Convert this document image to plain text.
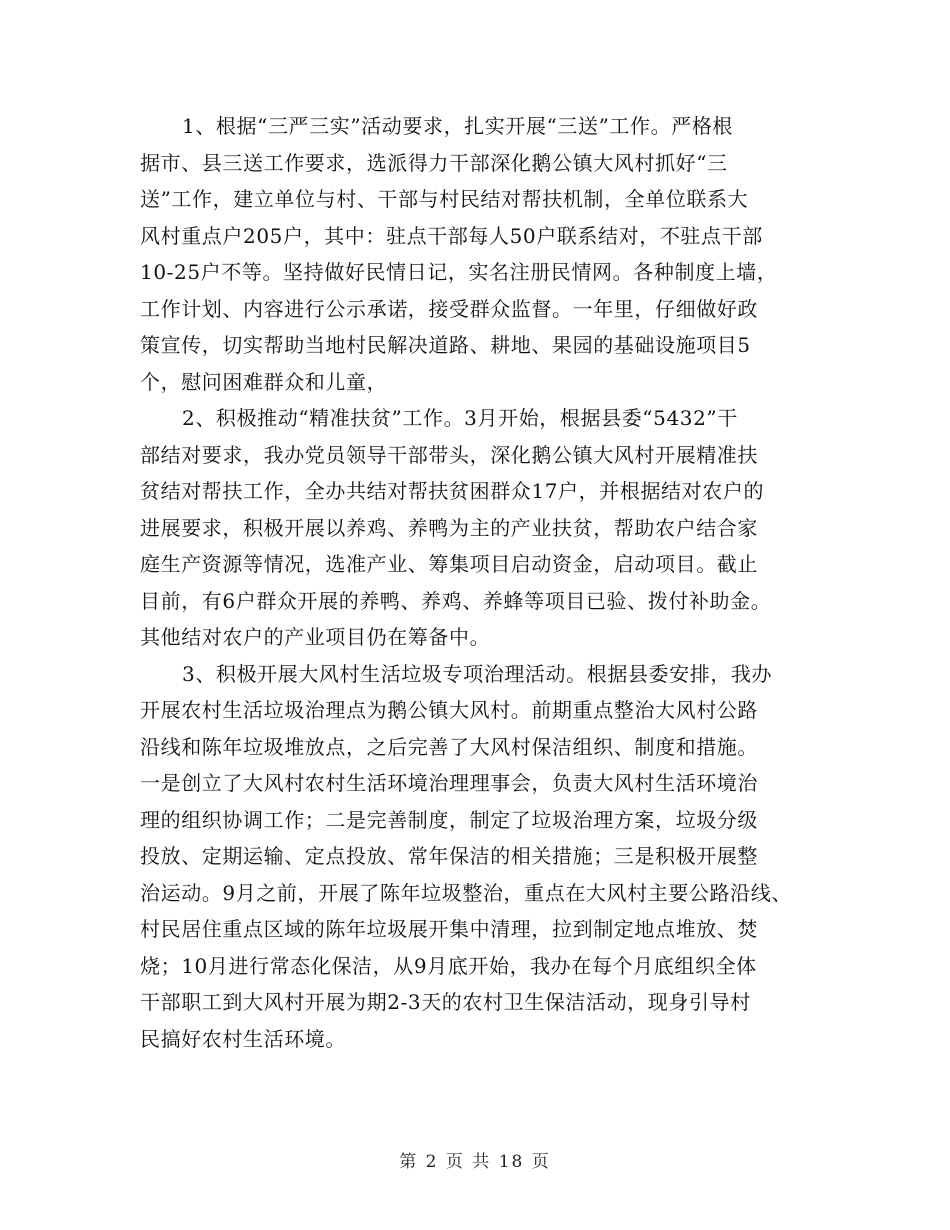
1、根据“三严三实”活动要求，扎实开展“三送”工作。严格根
据市、县三送工作要求，选派得力干部深化鹅公镇大风村抓好“三
送”工作，建立单位与村、干部与村民结对帮扶机制，全单位联系大
风村重点户205户，其中：驻点干部每人50户联系结对，不驻点干部
10-25户不等。坚持做好民情日记，实名注册民情网。各种制度上墙，
工作计划、内容进行公示承诺，接受群众监督。一年里，仔细做好政
策宣传，切实帮助当地村民解决道路、耕地、果园的基础设施项目5
个，慰问困难群众和儿童，
2、积极推动“精准扶贫”工作。3月开始，根据县委“5432”干
部结对要求，我办党员领导干部带头，深化鹅公镇大风村开展精准扶
贫结对帮扶工作，全办共结对帮扶贫困群众17户，并根据结对农户的
进展要求，积极开展以养鸡、养鸭为主的产业扶贫，帮助农户结合家
庭生产资源等情况，选准产业、筹集项目启动资金，启动项目。截止
目前，有6户群众开展的养鸭、养鸡、养蜂等项目已验、拨付补助金。
其他结对农户的产业项目仍在筹备中。
3、积极开展大风村生活垃圾专项治理活动。根据县委安排，我办
开展农村生活垃圾治理点为鹅公镇大风村。前期重点整治大风村公路
沿线和陈年垃圾堆放点，之后完善了大风村保洁组织、制度和措施。
一是创立了大风村农村生活环境治理理事会，负责大风村生活环境治
理的组织协调工作；二是完善制度，制定了垃圾治理方案，垃圾分级
投放、定期运输、定点投放、常年保洁的相关措施；三是积极开展整
治运动。9月之前，开展了陈年垃圾整治，重点在大风村主要公路沿线、
村民居住重点区域的陈年垃圾展开集中清理，拉到制定地点堆放、焚
烧；10月进行常态化保洁，从9月底开始，我办在每个月底组织全体
干部职工到大风村开展为期2-3天的农村卫生保洁活动，现身引导村
民搞好农村生活环境。
第 2 页 共 18 页
